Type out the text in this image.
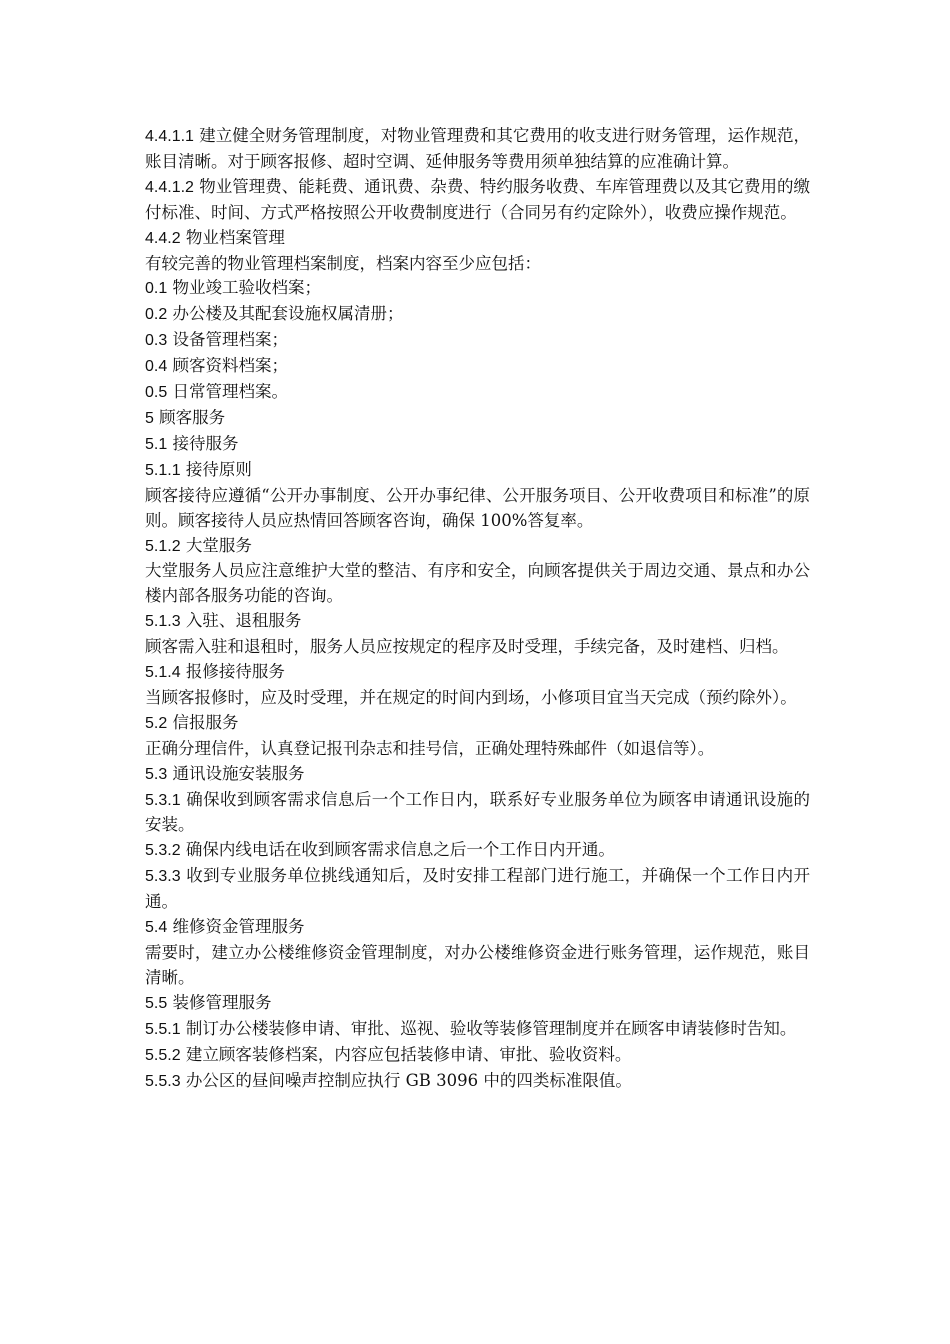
4.4.1.1 建立健全财务管理制度，对物业管理费和其它费用的收支进行财务管理，运作规范，账目清晰。对于顾客报修、超时空调、延伸服务等费用须单独结算的应准确计算。

4.4.1.2 物业管理费、能耗费、通讯费、杂费、特约服务收费、车库管理费以及其它费用的缴付标准、时间、方式严格按照公开收费制度进行（合同另有约定除外），收费应操作规范。

4.4.2 物业档案管理

有较完善的物业管理档案制度，档案内容至少应包括：

0.1 物业竣工验收档案；

0.2 办公楼及其配套设施权属清册；

0.3 设备管理档案；

0.4 顾客资料档案；

0.5 日常管理档案。

5 顾客服务

5.1 接待服务

5.1.1 接待原则

顾客接待应遵循“公开办事制度、公开办事纪律、公开服务项目、公开收费项目和标准”的原则。顾客接待人员应热情回答顾客咨询，确保 100%答复率。

5.1.2 大堂服务

大堂服务人员应注意维护大堂的整洁、有序和安全，向顾客提供关于周边交通、景点和办公楼内部各服务功能的咨询。

5.1.3 入驻、退租服务

顾客需入驻和退租时，服务人员应按规定的程序及时受理，手续完备，及时建档、归档。

5.1.4 报修接待服务

当顾客报修时，应及时受理，并在规定的时间内到场，小修项目宜当天完成（预约除外）。

5.2 信报服务

正确分理信件，认真登记报刊杂志和挂号信，正确处理特殊邮件（如退信等）。

5.3 通讯设施安装服务

5.3.1 确保收到顾客需求信息后一个工作日内，联系好专业服务单位为顾客申请通讯设施的安装。

5.3.2 确保内线电话在收到顾客需求信息之后一个工作日内开通。

5.3.3 收到专业服务单位挑线通知后，及时安排工程部门进行施工，并确保一个工作日内开通。

5.4 维修资金管理服务

需要时，建立办公楼维修资金管理制度，对办公楼维修资金进行账务管理，运作规范，账目清晰。

5.5 装修管理服务

5.5.1 制订办公楼装修申请、审批、巡视、验收等装修管理制度并在顾客申请装修时告知。

5.5.2 建立顾客装修档案，内容应包括装修申请、审批、验收资料。

5.5.3 办公区的昼间噪声控制应执行 GB 3096 中的四类标准限值。
